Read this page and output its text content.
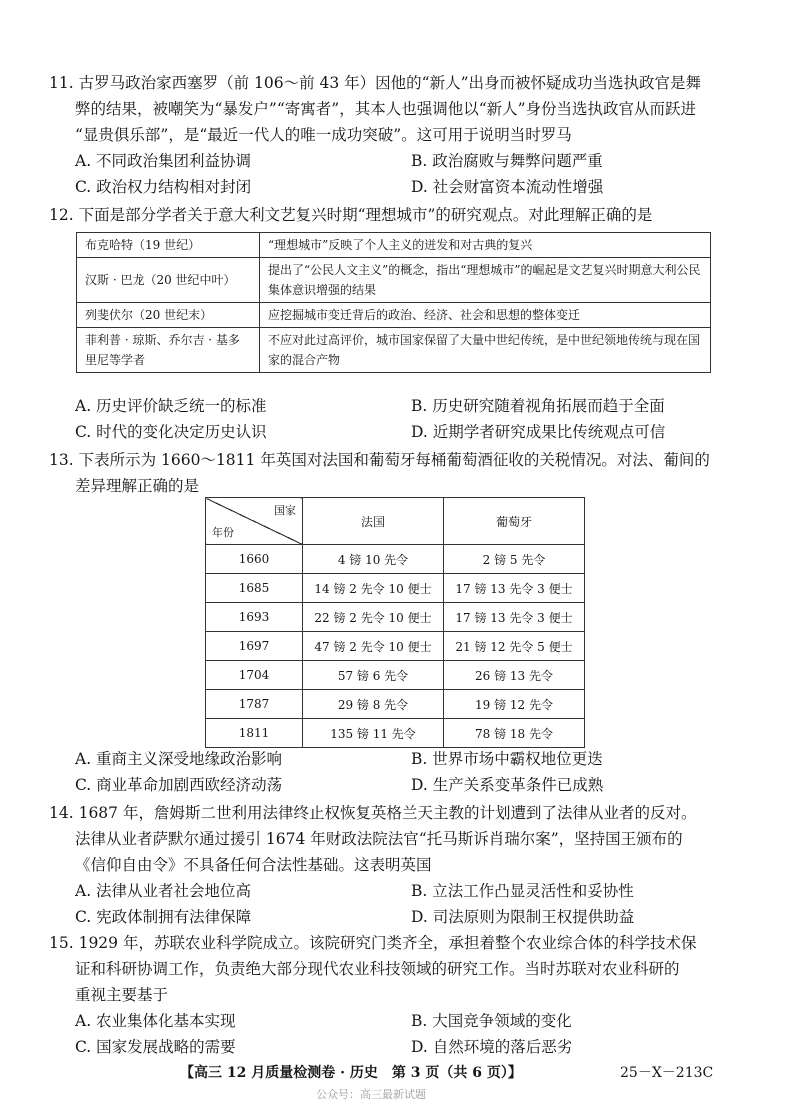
11. 古罗马政治家西塞罗（前 106～前 43 年）因他的“新人”出身而被怀疑成功当选执政官是舞
弊的结果，被嘲笑为“暴发户”“寄寓者”，其本人也强调他以“新人”身份当选执政官从而跃进
“显贵俱乐部”，是“最近一代人的唯一成功突破”。这可用于说明当时罗马
A. 不同政治集团利益协调	B. 政治腐败与舞弊问题严重
C. 政治权力结构相对封闭	D. 社会财富资本流动性增强
12. 下面是部分学者关于意大利文艺复兴时期“理想城市”的研究观点。对此理解正确的是
布克哈特（19 世纪）	“理想城市”反映了个人主义的迸发和对古典的复兴
汉斯 · 巴龙（20 世纪中叶）	提出了“公民人文主义”的概念，指出“理想城市”的崛起是文艺复兴时期意大利公民集体意识增强的结果
列斐伏尔（20 世纪末）	应挖掘城市变迁背后的政治、经济、社会和思想的整体变迁
菲利普 · 琼斯、乔尔吉 · 基多里尼等学者	不应对此过高评价，城市国家保留了大量中世纪传统，是中世纪领地传统与现在国家的混合产物
A. 历史评价缺乏统一的标准	B. 历史研究随着视角拓展而趋于全面
C. 时代的变化决定历史认识	D. 近期学者研究成果比传统观点可信
13. 下表所示为 1660～1811 年英国对法国和葡萄牙每桶葡萄酒征收的关税情况。对法、葡间的
差异理解正确的是
国家
年份	法国	葡萄牙
1660	4 镑 10 先令	2 镑 5 先令
1685	14 镑 2 先令 10 便士	17 镑 13 先令 3 便士
1693	22 镑 2 先令 10 便士	17 镑 13 先令 3 便士
1697	47 镑 2 先令 10 便士	21 镑 12 先令 5 便士
1704	57 镑 6 先令	26 镑 13 先令
1787	29 镑 8 先令	19 镑 12 先令
1811	135 镑 11 先令	78 镑 18 先令
A. 重商主义深受地缘政治影响	B. 世界市场中霸权地位更迭
C. 商业革命加剧西欧经济动荡	D. 生产关系变革条件已成熟
14. 1687 年，詹姆斯二世利用法律终止权恢复英格兰天主教的计划遭到了法律从业者的反对。
法律从业者萨默尔通过援引 1674 年财政法院法官“托马斯诉肖瑞尔案”，坚持国王颁布的
《信仰自由令》不具备任何合法性基础。这表明英国
A. 法律从业者社会地位高	B. 立法工作凸显灵活性和妥协性
C. 宪政体制拥有法律保障	D. 司法原则为限制王权提供助益
15. 1929 年，苏联农业科学院成立。该院研究门类齐全，承担着整个农业综合体的科学技术保
证和科研协调工作，负责绝大部分现代农业科技领域的研究工作。当时苏联对农业科研的
重视主要基于
A. 农业集体化基本实现	B. 大国竞争领域的变化
C. 国家发展战略的需要	D. 自然环境的落后恶劣
【高三 12 月质量检测卷 · 历史　第 3 页（共 6 页）】	25－X－213C
公众号：高三最新试题
